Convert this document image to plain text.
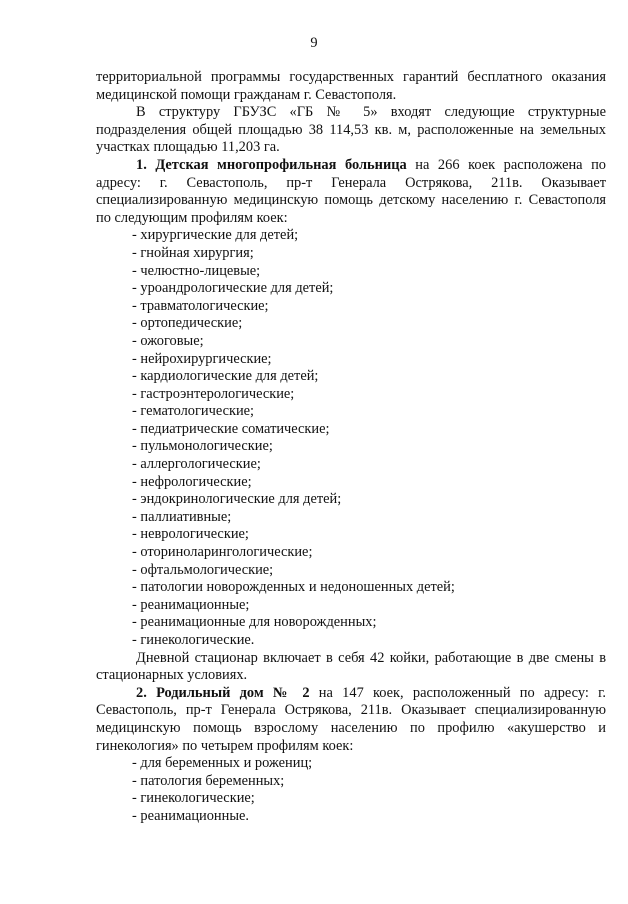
9

территориальной программы государственных гарантий бесплатного оказания медицинской помощи гражданам г. Севастополя.

В структуру ГБУЗС «ГБ № 5» входят следующие структурные подразделения общей площадью 38 114,53 кв. м, расположенные на земельных участках площадью 11,203 га.

1. Детская многопрофильная больница на 266 коек расположена по адресу: г. Севастополь, пр-т Генерала Острякова, 211в. Оказывает специализированную медицинскую помощь детскому населению г. Севастополя по следующим профилям коек:

- хирургические для детей;
- гнойная хирургия;
- челюстно-лицевые;
- уроандрологические для детей;
- травматологические;
- ортопедические;
- ожоговые;
- нейрохирургические;
- кардиологические для детей;
- гастроэнтерологические;
- гематологические;
- педиатрические соматические;
- пульмонологические;
- аллергологические;
- нефрологические;
- эндокринологические для детей;
- паллиативные;
- неврологические;
- оториноларингологические;
- офтальмологические;
- патологии новорожденных и недоношенных детей;
- реанимационные;
- реанимационные для новорожденных;
- гинекологические.

Дневной стационар включает в себя 42 койки, работающие в две смены в стационарных условиях.

2. Родильный дом № 2 на 147 коек, расположенный по адресу: г. Севастополь, пр-т Генерала Острякова, 211в. Оказывает специализированную медицинскую помощь взрослому населению по профилю «акушерство и гинекология» по четырем профилям коек:

- для беременных и рожениц;
- патология беременных;
- гинекологические;
- реанимационные.
